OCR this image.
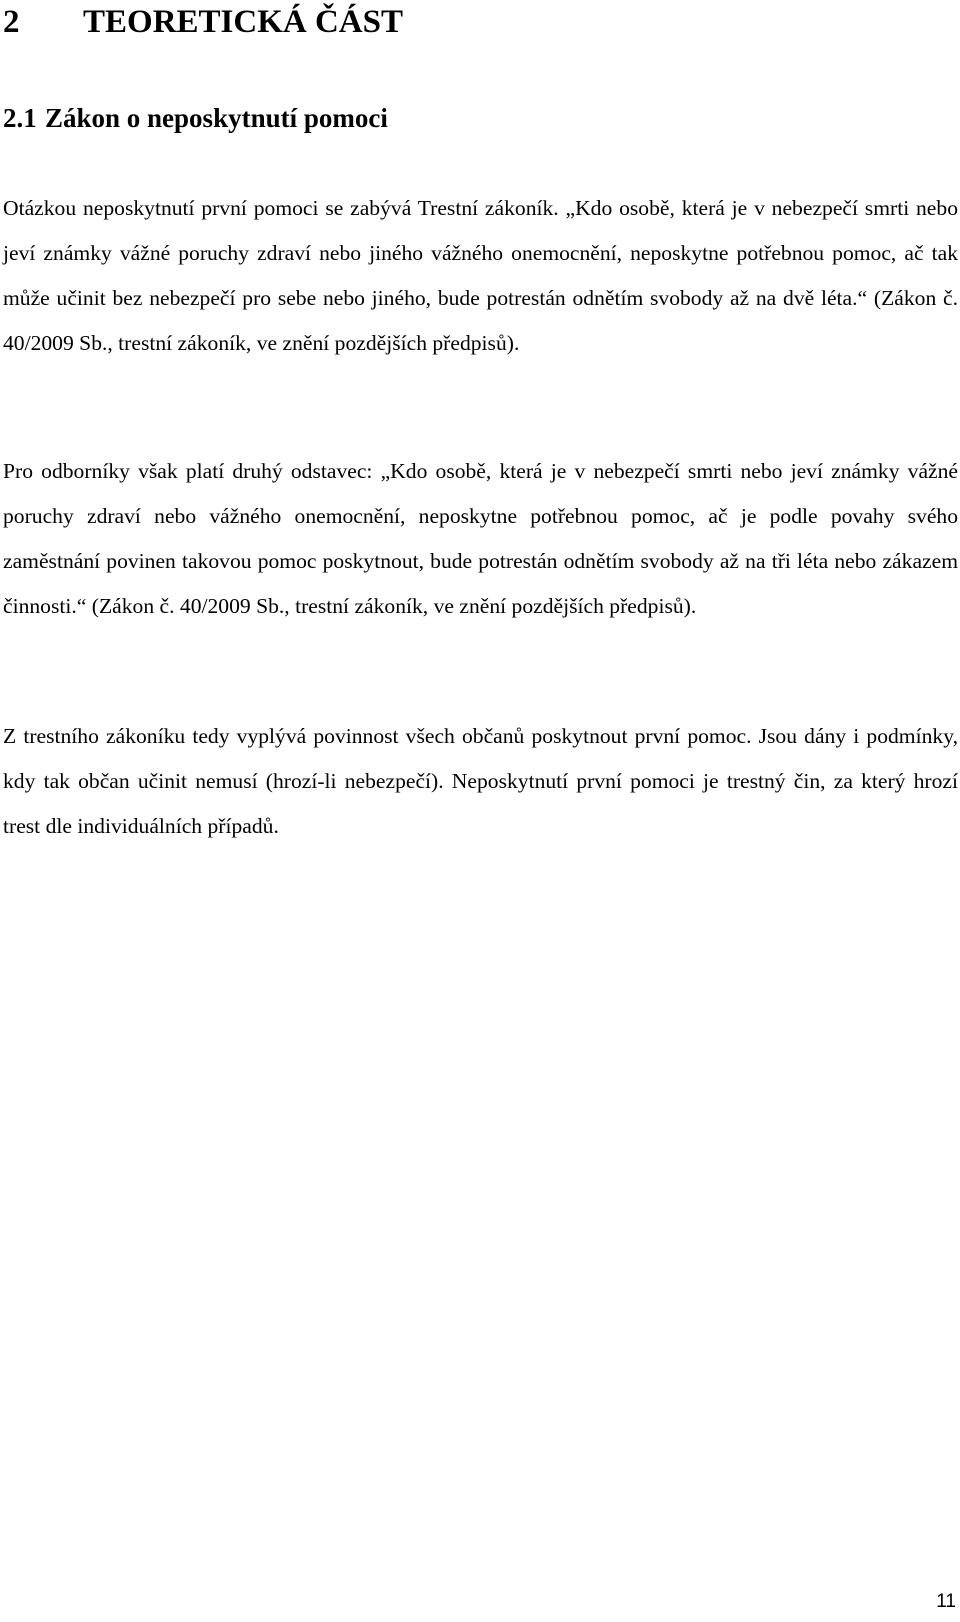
2 TEORETICKÁ ČÁST
2.1 Zákon o neposkytnutí pomoci

Otázkou neposkytnutí první pomoci se zabývá Trestní zákoník. „Kdo osobě, která je v nebezpečí smrti nebo jeví známky vážné poruchy zdraví nebo jiného vážného onemocnění, neposkytne potřebnou pomoc, ač tak může učinit bez nebezpečí pro sebe nebo jiného, bude potrestán odnětím svobody až na dvě léta.“ (Zákon č. 40/2009 Sb., trestní zákoník, ve znění pozdějších předpisů).

Pro odborníky však platí druhý odstavec: „Kdo osobě, která je v nebezpečí smrti nebo jeví známky vážné poruchy zdraví nebo vážného onemocnění, neposkytne potřebnou pomoc, ač je podle povahy svého zaměstnání povinen takovou pomoc poskytnout, bude potrestán odnětím svobody až na tři léta nebo zákazem činnosti.“ (Zákon č. 40/2009 Sb., trestní zákoník, ve znění pozdějších předpisů).

Z trestního zákoníku tedy vyplývá povinnost všech občanů poskytnout první pomoc. Jsou dány i podmínky, kdy tak občan učinit nemusí (hrozí-li nebezpečí). Neposkytnutí první pomoci je trestný čin, za který hrozí trest dle individuálních případů.

11
